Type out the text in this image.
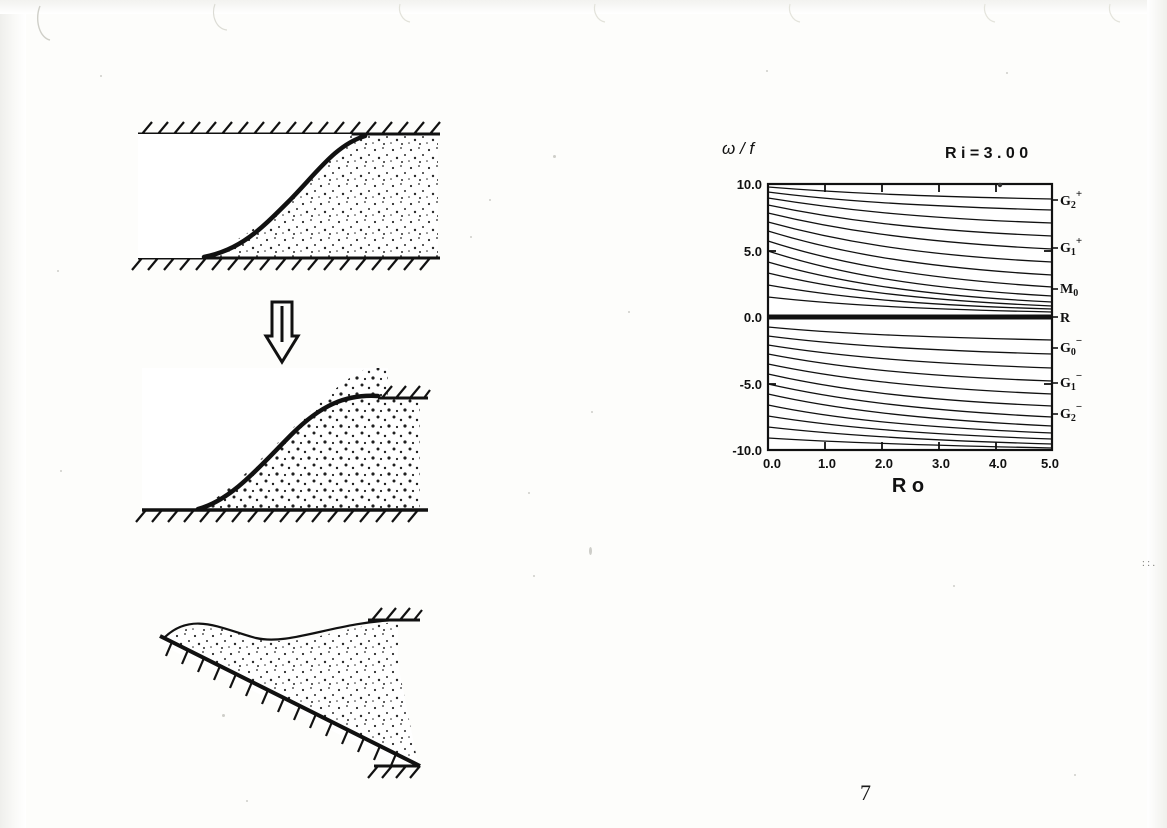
ω / f	R i = 3 . 0 0
10.0
5.0
0.0
-5.0
-10.0
0.0	1.0	2.0	3.0	4.0	5.0
R o
$G_2^+$
$G_1^+$
$M_0$
R
$G_0^-$
$G_1^-$
$G_2^-$
7
: : .
